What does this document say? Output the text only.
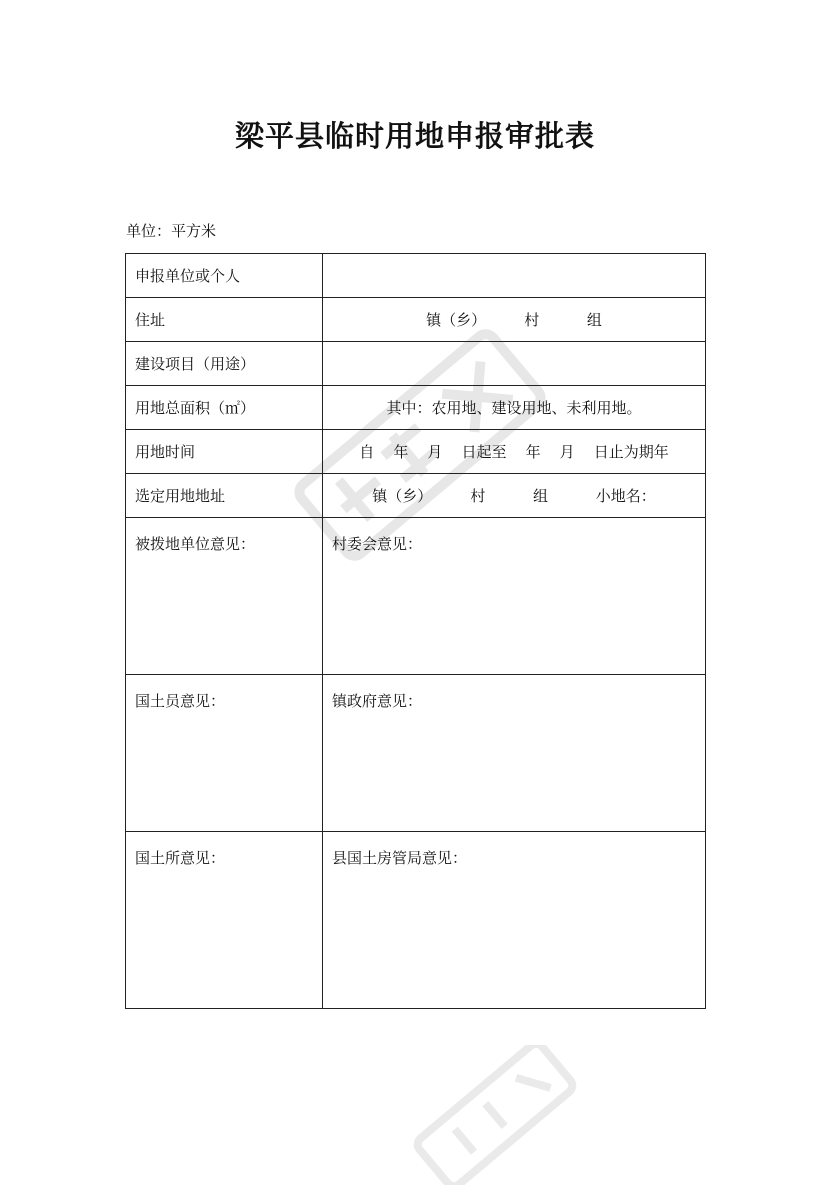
梁平县临时用地申报审批表
单位：平方米
申报单位或个人	
住址	镇（乡）        村          组

建设项目（用途）	
用地总面积（㎡）	其中：农用地、建设用地、未利用地。

用地时间	自    年    月    日起至    年    月    日止为期年

选定用地地址	镇（乡）        村          组          小地名：

被拨地单位意见：	村委会意见：
国土员意见：	镇政府意见：
国土所意见：	县国土房管局意见：
